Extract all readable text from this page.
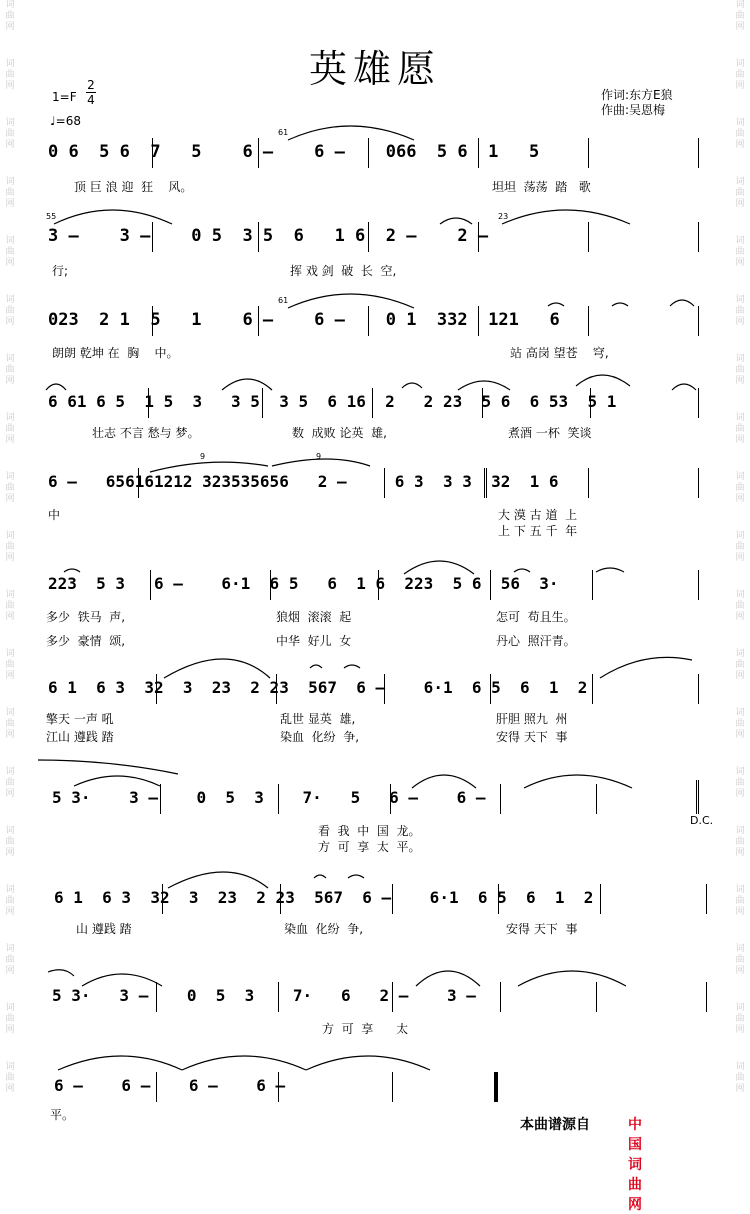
词
曲
网
词
曲
网
词
曲
网
词
曲
网
词
曲
网
词
曲
网
词
曲
网
词
曲
网
词
曲
网
词
曲
网
词
曲
网
词
曲
网
词
曲
网
词
曲
网
词
曲
网
词
曲
网
词
曲
网
词
曲
网
词
曲
网
词
曲
网
词
曲
网
词
曲
网
词
曲
网
词
曲
网
词
曲
网
词
曲
网
词
曲
网
词
曲
网
词
曲
网
词
曲
网
词
曲
网
词
曲
网
词
曲
网
词
曲
网
词
曲
网
词
曲
网
词
曲
网
词
曲
网
英雄愿
1=F
2
4
♩=68
作词:东方E狼
作曲:吴恩梅
61
55	23
61
9	9
0 6  5 6  7   5    6 –    6 –    066  5 6  1   5
顶 巨 浪 迎  狂    风。	坦坦  荡荡  踏   歌
3 –    3 –    0 5  3 5  6   1 6  2 –    2 –
行;	挥 戏 剑  破  长  空,
023  2 1  5   1    6 –    6 –    0 1  332  121   6
朗朗 乾坤 在  胸    中。	站 高岗 望苍    穹,
6 61 6 5  1 5  3   3 5  3 5  6 16  2   2 23  5 6  6 53  5 1
壮志 不言 愁与 梦。	数  成败 论英  雄,	煮酒 一杯  笑谈
6 –   656161212 323535656   2 –     6 3  3 3  32  1 6
中	大 漠 古 道  上
上 下 五 千  年
223  5 3   6 –    6·1  6 5   6  1 6  223  5 6  56  3·
多少  铁马  声,	狼烟  滚滚  起	怎可  苟且生。
多少  豪情  颂,	中华  好儿  女	丹心  照汗青。
6 1  6 3  32  3  23  2 23  567  6 –    6·1  6 5  6  1  2
擎天 一声 吼	乱世 显英  雄,	肝胆 照九  州
江山 遵践 踏	染血  化纷  争,	安得 天下  事
5 3·    3 –    0  5  3    7·   5   6 –    6 –
D.C.
看  我  中  国  龙。
方  可  享  太  平。
6 1  6 3  32  3  23  2 23  567  6 –    6·1  6 5  6  1  2
山 遵践 踏	染血  化纷  争,	安得 天下  事
5 3·   3 –    0  5  3    7·   6   2 –    3 –
方  可  享      太
6 –    6 –    6 –    6 –
平。
本曲谱源自	中国词曲网
